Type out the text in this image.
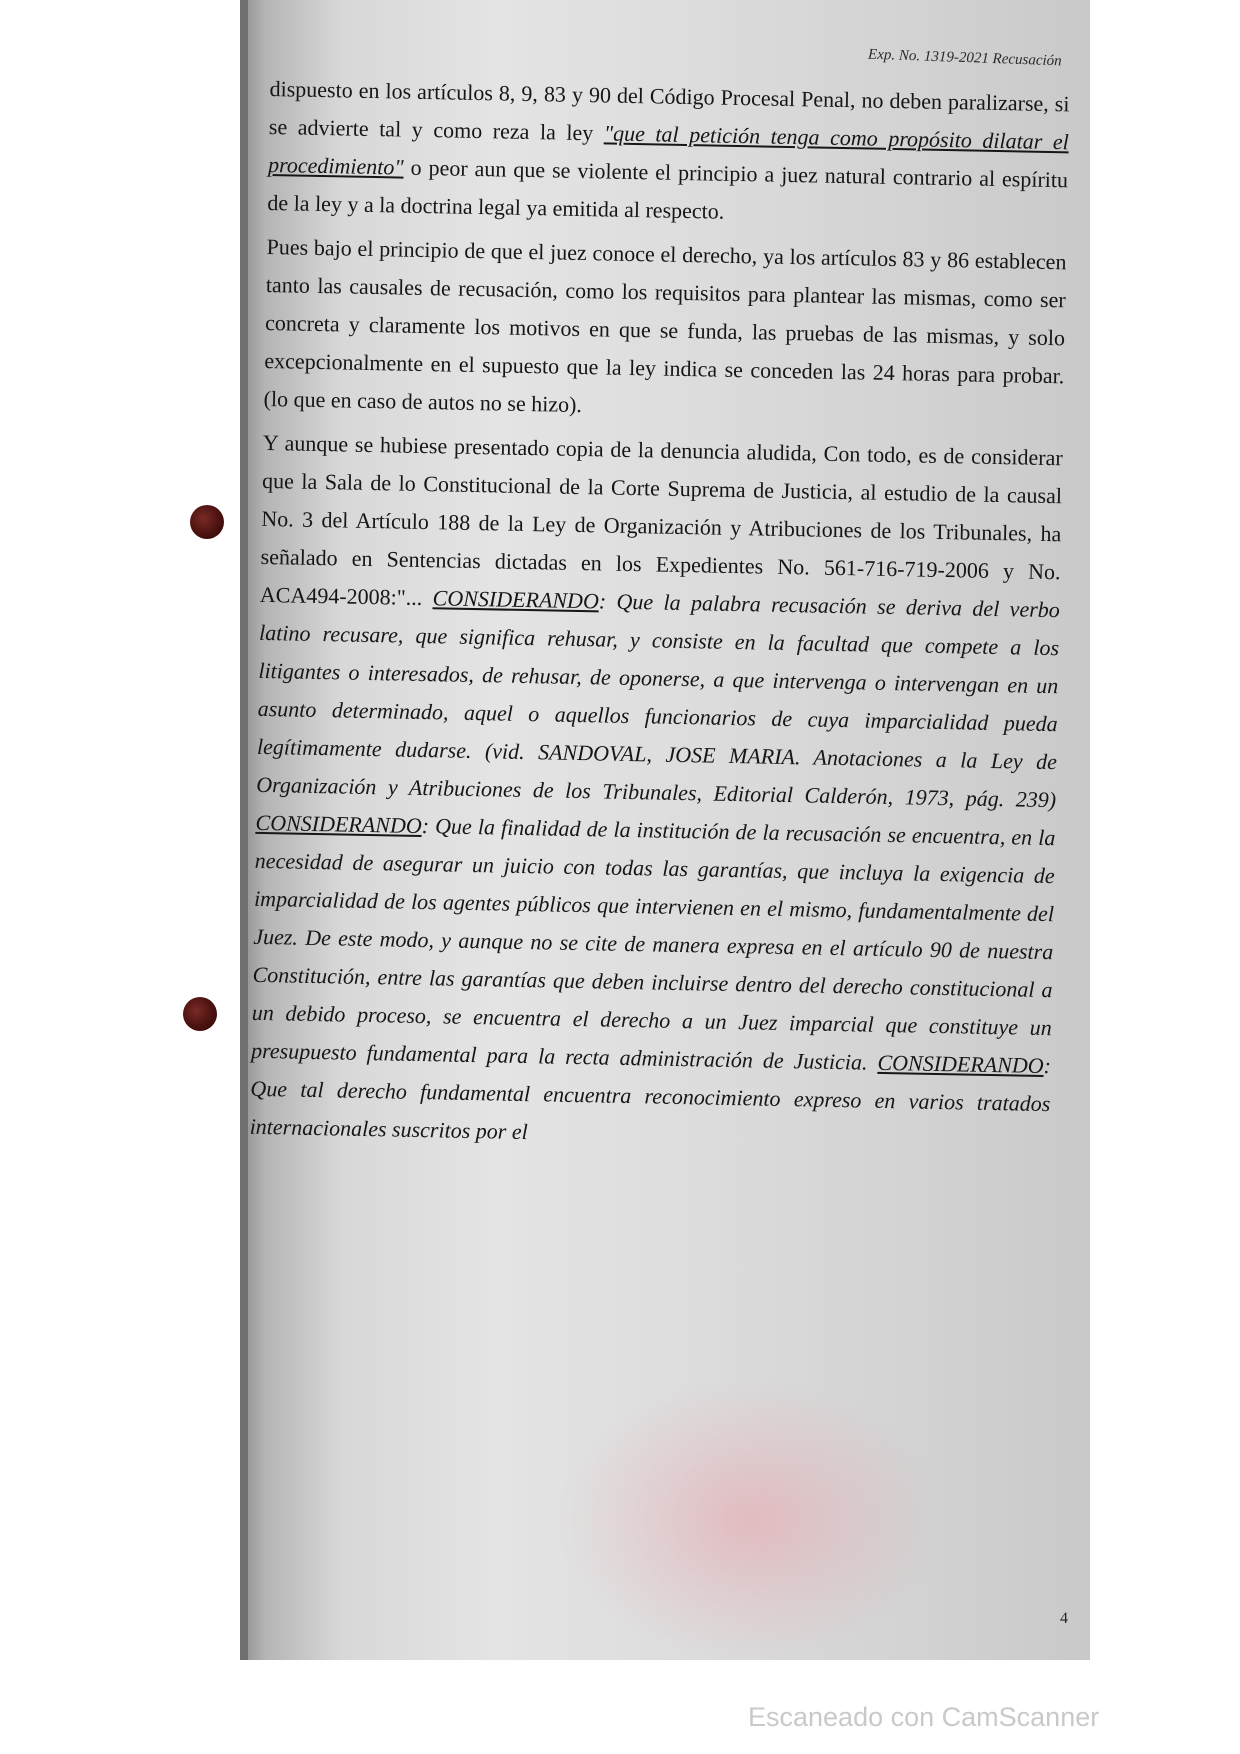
Exp. No. 1319-2021 Recusación

dispuesto en los artículos 8, 9, 83 y 90 del Código Procesal Penal, no deben paralizarse, si se advierte tal y como reza la ley "que tal petición tenga como propósito dilatar el procedimiento" o peor aun que se violente el principio a juez natural contrario al espíritu de la ley y a la doctrina legal ya emitida al respecto.

Pues bajo el principio de que el juez conoce el derecho, ya los artículos 83 y 86 establecen tanto las causales de recusación, como los requisitos para plantear las mismas, como ser concreta y claramente los motivos en que se funda, las pruebas de las mismas, y solo excepcionalmente en el supuesto que la ley indica se conceden las 24 horas para probar. (lo que en caso de autos no se hizo).

Y aunque se hubiese presentado copia de la denuncia aludida, Con todo, es de considerar que la Sala de lo Constitucional de la Corte Suprema de Justicia, al estudio de la causal No. 3 del Artículo 188 de la Ley de Organización y Atribuciones de los Tribunales, ha señalado en Sentencias dictadas en los Expedientes No. 561-716-719-2006 y No. ACA494-2008:"... CONSIDERANDO: Que la palabra recusación se deriva del verbo latino recusare, que significa rehusar, y consiste en la facultad que compete a los litigantes o interesados, de rehusar, de oponerse, a que intervenga o intervengan en un asunto determinado, aquel o aquellos funcionarios de cuya imparcialidad pueda legítimamente dudarse. (vid. SANDOVAL, JOSE MARIA. Anotaciones a la Ley de Organización y Atribuciones de los Tribunales, Editorial Calderón, 1973, pág. 239) CONSIDERANDO: Que la finalidad de la institución de la recusación se encuentra, en la necesidad de asegurar un juicio con todas las garantías, que incluya la exigencia de imparcialidad de los agentes públicos que intervienen en el mismo, fundamentalmente del Juez. De este modo, y aunque no se cite de manera expresa en el artículo 90 de nuestra Constitución, entre las garantías que deben incluirse dentro del derecho constitucional a un debido proceso, se encuentra el derecho a un Juez imparcial que constituye un presupuesto fundamental para la recta administración de Justicia. CONSIDERANDO: Que tal derecho fundamental encuentra reconocimiento expreso en varios tratados internacionales suscritos por el

4
Escaneado con CamScanner
